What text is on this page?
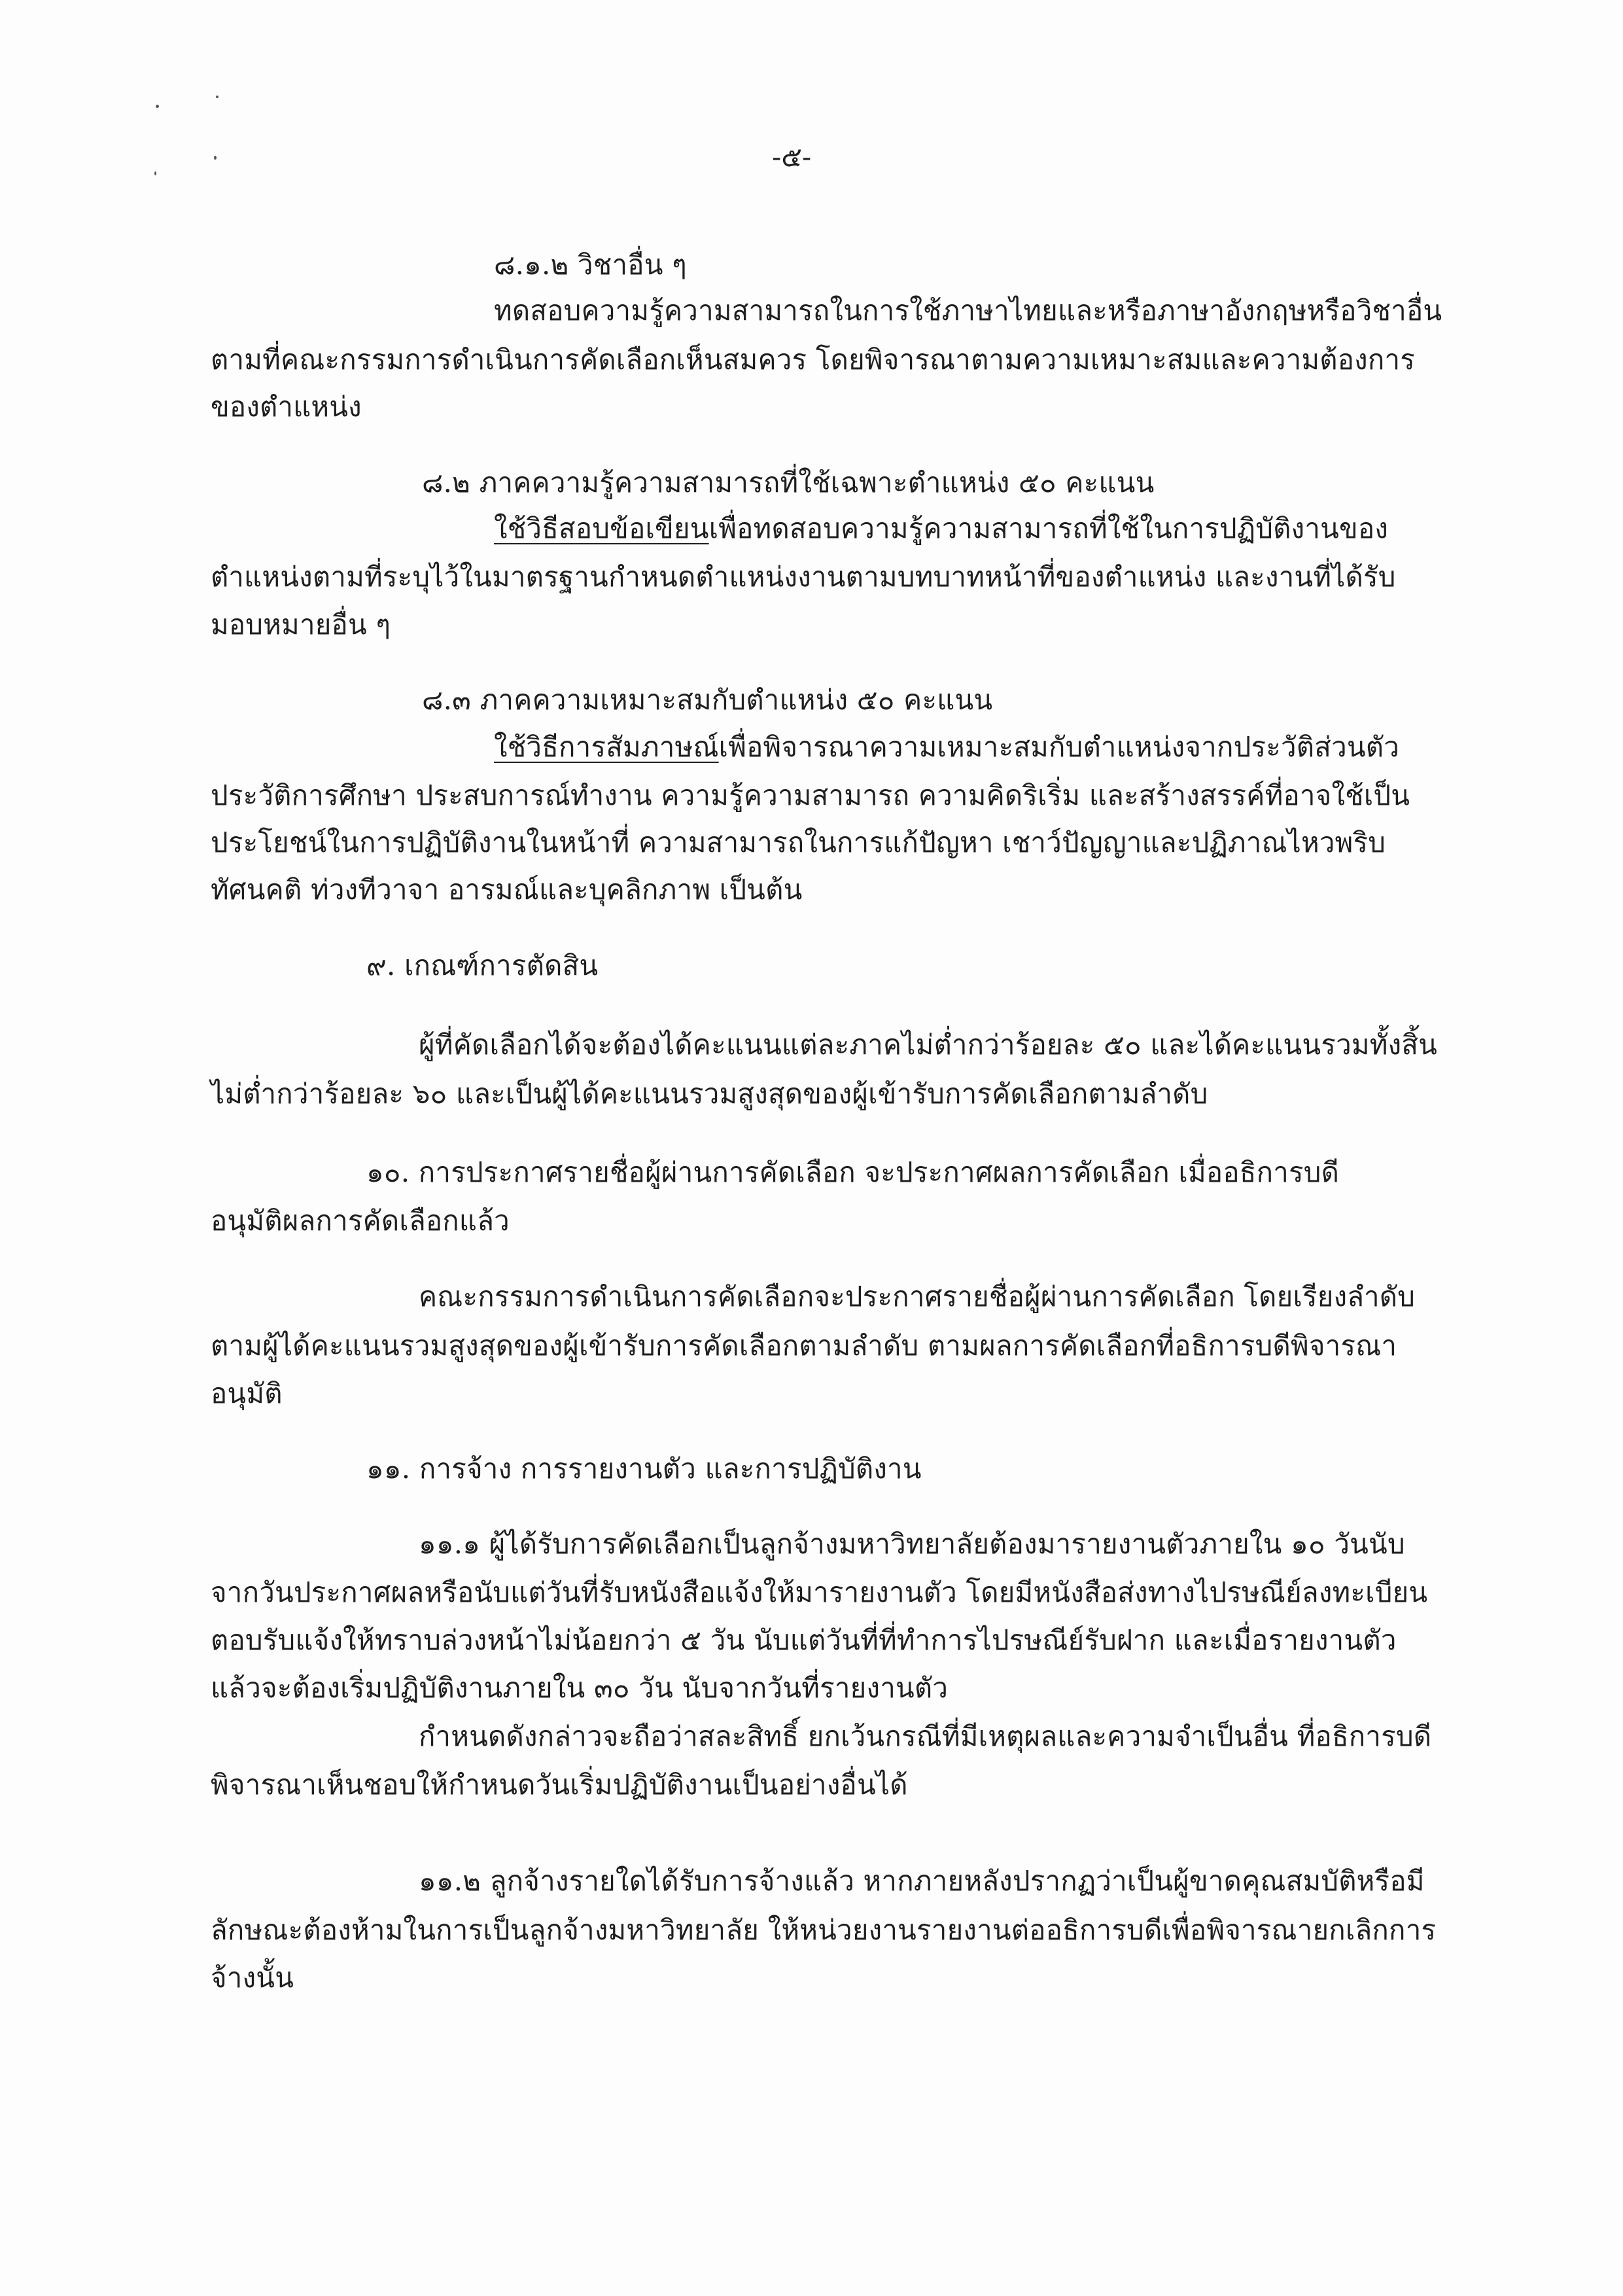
-๕-
๘.๑.๒ วิชาอื่น ๆ
ทดสอบความรู้ความสามารถในการใช้ภาษาไทยและหรือภาษาอังกฤษหรือวิชาอื่น
ตามที่คณะกรรมการดำเนินการคัดเลือกเห็นสมควร โดยพิจารณาตามความเหมาะสมและความต้องการ
ของตำแหน่ง
๘.๒ ภาคความรู้ความสามารถที่ใช้เฉพาะตำแหน่ง ๕๐ คะแนน
ใช้วิธีสอบข้อเขียนเพื่อทดสอบความรู้ความสามารถที่ใช้ในการปฏิบัติงานของ
ตำแหน่งตามที่ระบุไว้ในมาตรฐานกำหนดตำแหน่งงานตามบทบาทหน้าที่ของตำแหน่ง และงานที่ได้รับ
มอบหมายอื่น ๆ
๘.๓ ภาคความเหมาะสมกับตำแหน่ง ๕๐ คะแนน
ใช้วิธีการสัมภาษณ์เพื่อพิจารณาความเหมาะสมกับตำแหน่งจากประวัติส่วนตัว
ประวัติการศึกษา ประสบการณ์ทำงาน ความรู้ความสามารถ ความคิดริเริ่ม และสร้างสรรค์ที่อาจใช้เป็น
ประโยชน์ในการปฏิบัติงานในหน้าที่ ความสามารถในการแก้ปัญหา เชาว์ปัญญาและปฏิภาณไหวพริบ
ทัศนคติ ท่วงทีวาจา อารมณ์และบุคลิกภาพ เป็นต้น
๙. เกณฑ์การตัดสิน
ผู้ที่คัดเลือกได้จะต้องได้คะแนนแต่ละภาคไม่ต่ำกว่าร้อยละ ๕๐ และได้คะแนนรวมทั้งสิ้น
ไม่ต่ำกว่าร้อยละ ๖๐ และเป็นผู้ได้คะแนนรวมสูงสุดของผู้เข้ารับการคัดเลือกตามลำดับ
๑๐. การประกาศรายชื่อผู้ผ่านการคัดเลือก จะประกาศผลการคัดเลือก เมื่ออธิการบดี
อนุมัติผลการคัดเลือกแล้ว
คณะกรรมการดำเนินการคัดเลือกจะประกาศรายชื่อผู้ผ่านการคัดเลือก โดยเรียงลำดับ
ตามผู้ได้คะแนนรวมสูงสุดของผู้เข้ารับการคัดเลือกตามลำดับ ตามผลการคัดเลือกที่อธิการบดีพิจารณา
อนุมัติ
๑๑. การจ้าง การรายงานตัว และการปฏิบัติงาน
๑๑.๑ ผู้ได้รับการคัดเลือกเป็นลูกจ้างมหาวิทยาลัยต้องมารายงานตัวภายใน ๑๐ วันนับ
จากวันประกาศผลหรือนับแต่วันที่รับหนังสือแจ้งให้มารายงานตัว โดยมีหนังสือส่งทางไปรษณีย์ลงทะเบียน
ตอบรับแจ้งให้ทราบล่วงหน้าไม่น้อยกว่า ๕ วัน นับแต่วันที่ที่ทำการไปรษณีย์รับฝาก และเมื่อรายงานตัว
แล้วจะต้องเริ่มปฏิบัติงานภายใน ๓๐ วัน นับจากวันที่รายงานตัว
กำหนดดังกล่าวจะถือว่าสละสิทธิ์ ยกเว้นกรณีที่มีเหตุผลและความจำเป็นอื่น ที่อธิการบดี
พิจารณาเห็นชอบให้กำหนดวันเริ่มปฏิบัติงานเป็นอย่างอื่นได้
๑๑.๒ ลูกจ้างรายใดได้รับการจ้างแล้ว หากภายหลังปรากฏว่าเป็นผู้ขาดคุณสมบัติหรือมี
ลักษณะต้องห้ามในการเป็นลูกจ้างมหาวิทยาลัย ให้หน่วยงานรายงานต่ออธิการบดีเพื่อพิจารณายกเลิกการ
จ้างนั้น
